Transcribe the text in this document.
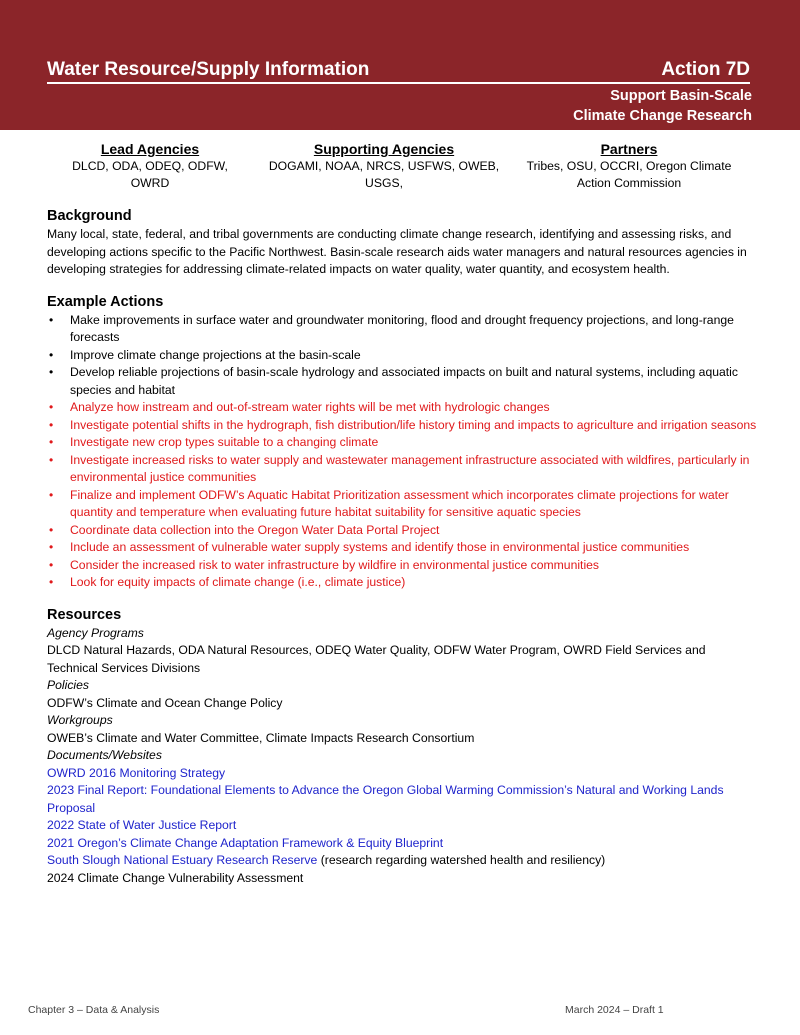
Water Resource/Supply Information	Action 7D
Support Basin-Scale
Climate Change Research
Lead Agencies
DLCD, ODA, ODEQ, ODFW, OWRD
Supporting Agencies
DOGAMI, NOAA, NRCS, USFWS, OWEB, USGS,
Partners
Tribes, OSU, OCCRI, Oregon Climate Action Commission
Background

Many local, state, federal, and tribal governments are conducting climate change research, identifying and assessing risks, and developing actions specific to the Pacific Northwest. Basin-scale research aids water managers and natural resources agencies in developing strategies for addressing climate-related impacts on water quality, water quantity, and ecosystem health.

Example Actions
• Make improvements in surface water and groundwater monitoring, flood and drought frequency projections, and long-range forecasts
• Improve climate change projections at the basin-scale
• Develop reliable projections of basin-scale hydrology and associated impacts on built and natural systems, including aquatic species and habitat
• Analyze how instream and out-of-stream water rights will be met with hydrologic changes
• Investigate potential shifts in the hydrograph, fish distribution/life history timing and impacts to agriculture and irrigation seasons
• Investigate new crop types suitable to a changing climate
• Investigate increased risks to water supply and wastewater management infrastructure associated with wildfires, particularly in environmental justice communities
• Finalize and implement ODFW’s Aquatic Habitat Prioritization assessment which incorporates climate projections for water quantity and temperature when evaluating future habitat suitability for sensitive aquatic species
• Coordinate data collection into the Oregon Water Data Portal Project
• Include an assessment of vulnerable water supply systems and identify those in environmental justice communities
• Consider the increased risk to water infrastructure by wildfire in environmental justice communities
• Look for equity impacts of climate change (i.e., climate justice)
Resources
Agency Programs
DLCD Natural Hazards, ODA Natural Resources, ODEQ Water Quality, ODFW Water Program, OWRD Field Services and Technical Services Divisions
Policies
ODFW’s Climate and Ocean Change Policy
Workgroups
OWEB’s Climate and Water Committee, Climate Impacts Research Consortium
Documents/Websites
OWRD 2016 Monitoring Strategy
2023 Final Report: Foundational Elements to Advance the Oregon Global Warming Commission’s Natural and Working Lands Proposal
2022 State of Water Justice Report
2021 Oregon’s Climate Change Adaptation Framework & Equity Blueprint
South Slough National Estuary Research Reserve (research regarding watershed health and resiliency)
2024 Climate Change Vulnerability Assessment
Chapter 3 – Data & Analysis	March 2024 – Draft 1
